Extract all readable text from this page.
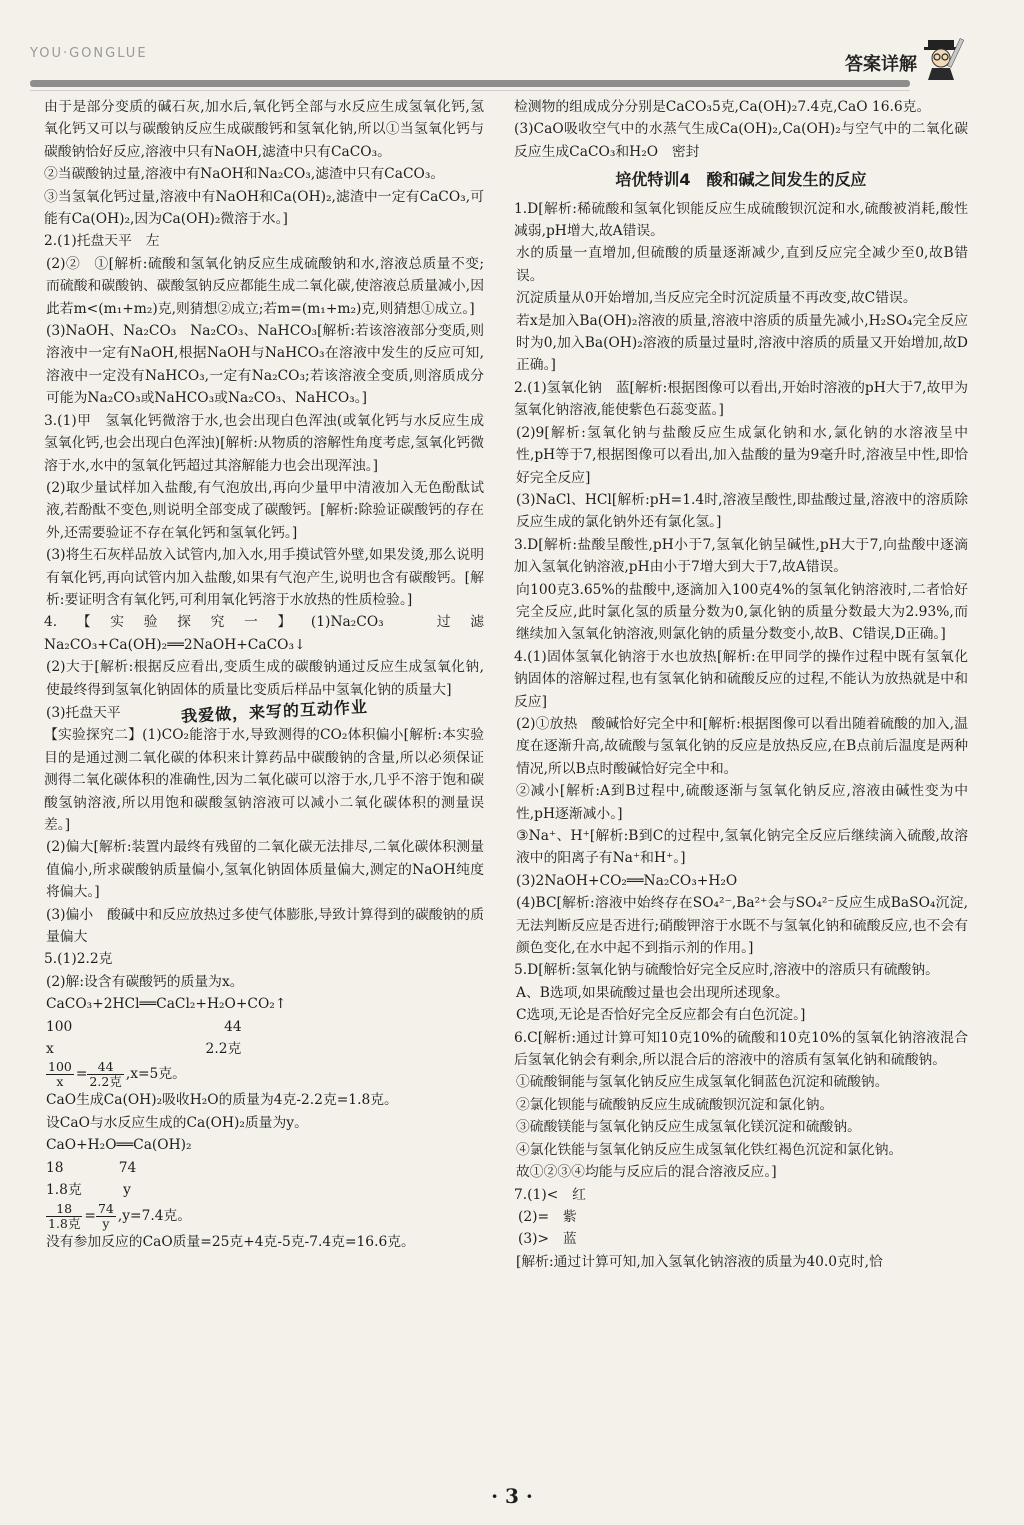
YOU·GONGLUE
答案详解

由于是部分变质的碱石灰,加水后,氧化钙全部与水反应生成氢氧化钙,氢氧化钙又可以与碳酸钠反应生成碳酸钙和氢氧化钠,所以①当氢氧化钙与碳酸钠恰好反应,溶液中只有NaOH,滤渣中只有CaCO₃。

②当碳酸钠过量,溶液中有NaOH和Na₂CO₃,滤渣中只有CaCO₃。

③当氢氧化钙过量,溶液中有NaOH和Ca(OH)₂,滤渣中一定有CaCO₃,可能有Ca(OH)₂,因为Ca(OH)₂微溶于水。]

2.(1)托盘天平　左

(2)②　①[解析:硫酸和氢氧化钠反应生成硫酸钠和水,溶液总质量不变;而硫酸和碳酸钠、碳酸氢钠反应都能生成二氧化碳,使溶液总质量减小,因此若m<(m₁+m₂)克,则猜想②成立;若m=(m₁+m₂)克,则猜想①成立。]

(3)NaOH、Na₂CO₃　Na₂CO₃、NaHCO₃[解析:若该溶液部分变质,则溶液中一定有NaOH,根据NaOH与NaHCO₃在溶液中发生的反应可知,溶液中一定没有NaHCO₃,一定有Na₂CO₃;若该溶液全变质,则溶质成分可能为Na₂CO₃或NaHCO₃或Na₂CO₃、NaHCO₃。]

3.(1)甲　氢氧化钙微溶于水,也会出现白色浑浊(或氧化钙与水反应生成氢氧化钙,也会出现白色浑浊)[解析:从物质的溶解性角度考虑,氢氧化钙微溶于水,水中的氢氧化钙超过其溶解能力也会出现浑浊。]

(2)取少量试样加入盐酸,有气泡放出,再向少量甲中清液加入无色酚酞试液,若酚酞不变色,则说明全部变成了碳酸钙。[解析:除验证碳酸钙的存在外,还需要验证不存在氧化钙和氢氧化钙。]

(3)将生石灰样品放入试管内,加入水,用手摸试管外壁,如果发烫,那么说明有氧化钙,再向试管内加入盐酸,如果有气泡产生,说明也含有碳酸钙。[解析:要证明含有氧化钙,可利用氧化钙溶于水放热的性质检验。]

4.【实验探究一】(1)Na₂CO₃　过滤　Na₂CO₃+Ca(OH)₂══2NaOH+CaCO₃↓

(2)大于[解析:根据反应看出,变质生成的碳酸钠通过反应生成氢氧化钠,使最终得到氢氧化钠固体的质量比变质后样品中氢氧化钠的质量大]

(3)托盘天平	我爱做，来写的互动作业

【实验探究二】(1)CO₂能溶于水,导致测得的CO₂体积偏小[解析:本实验目的是通过测二氧化碳的体积来计算药品中碳酸钠的含量,所以必须保证测得二氧化碳体积的准确性,因为二氧化碳可以溶于水,几乎不溶于饱和碳酸氢钠溶液,所以用饱和碳酸氢钠溶液可以减小二氧化碳体积的测量误差。]

(2)偏大[解析:装置内最终有残留的二氧化碳无法排尽,二氧化碳体积测量值偏小,所求碳酸钠质量偏小,氢氧化钠固体质量偏大,测定的NaOH纯度将偏大。]

(3)偏小　酸碱中和反应放热过多使气体膨胀,导致计算得到的碳酸钠的质量偏大

5.(1)2.2克

(2)解:设含有碳酸钙的质量为x。

CaCO₃+2HCl══CaCl₂+H₂O+CO₂↑

100　　　　　　　　　　　44

x　　　　　　　　　　　2.2克

$\frac{100}{x} = \frac{44}{\text{2.2克}} ,x=5$克。

CaO生成Ca(OH)₂吸收H₂O的质量为4克-2.2克=1.8克。

设CaO与水反应生成的Ca(OH)₂质量为y。

CaO+H₂O══Ca(OH)₂

18　　　　74

1.8克　　　y

$\frac{18}{\text{1.8克}} = \frac{74}{y} ,y=7.4$克。

没有参加反应的CaO质量=25克+4克-5克-7.4克=16.6克。

检测物的组成成分分别是CaCO₃5克,Ca(OH)₂7.4克,CaO 16.6克。

(3)CaO吸收空气中的水蒸气生成Ca(OH)₂,Ca(OH)₂与空气中的二氧化碳反应生成CaCO₃和H₂O　密封

培优特训4　酸和碱之间发生的反应

1.D[解析:稀硫酸和氢氧化钡能反应生成硫酸钡沉淀和水,硫酸被消耗,酸性减弱,pH增大,故A错误。

水的质量一直增加,但硫酸的质量逐渐减少,直到反应完全减少至0,故B错误。

沉淀质量从0开始增加,当反应完全时沉淀质量不再改变,故C错误。

若x是加入Ba(OH)₂溶液的质量,溶液中溶质的质量先减小,H₂SO₄完全反应时为0,加入Ba(OH)₂溶液的质量过量时,溶液中溶质的质量又开始增加,故D正确。]

2.(1)氢氧化钠　蓝[解析:根据图像可以看出,开始时溶液的pH大于7,故甲为氢氧化钠溶液,能使紫色石蕊变蓝。]

(2)9[解析:氢氧化钠与盐酸反应生成氯化钠和水,氯化钠的水溶液呈中性,pH等于7,根据图像可以看出,加入盐酸的量为9毫升时,溶液呈中性,即恰好完全反应]

(3)NaCl、HCl[解析:pH=1.4时,溶液呈酸性,即盐酸过量,溶液中的溶质除反应生成的氯化钠外还有氯化氢。]

3.D[解析:盐酸呈酸性,pH小于7,氢氧化钠呈碱性,pH大于7,向盐酸中逐滴加入氢氧化钠溶液,pH由小于7增大到大于7,故A错误。

向100克3.65%的盐酸中,逐滴加入100克4%的氢氧化钠溶液时,二者恰好完全反应,此时氯化氢的质量分数为0,氯化钠的质量分数最大为2.93%,而继续加入氢氧化钠溶液,则氯化钠的质量分数变小,故B、C错误,D正确。]

4.(1)固体氢氧化钠溶于水也放热[解析:在甲同学的操作过程中既有氢氧化钠固体的溶解过程,也有氢氧化钠和硫酸反应的过程,不能认为放热就是中和反应]

(2)①放热　酸碱恰好完全中和[解析:根据图像可以看出随着硫酸的加入,温度在逐渐升高,故硫酸与氢氧化钠的反应是放热反应,在B点前后温度是两种情况,所以B点时酸碱恰好完全中和。

②减小[解析:A到B过程中,硫酸逐渐与氢氧化钠反应,溶液由碱性变为中性,pH逐渐减小。]

③Na⁺、H⁺[解析:B到C的过程中,氢氧化钠完全反应后继续滴入硫酸,故溶液中的阳离子有Na⁺和H⁺。]

(3)2NaOH+CO₂══Na₂CO₃+H₂O

(4)BC[解析:溶液中始终存在SO₄²⁻,Ba²⁺会与SO₄²⁻反应生成BaSO₄沉淀,无法判断反应是否进行;硝酸钾溶于水既不与氢氧化钠和硫酸反应,也不会有颜色变化,在水中起不到指示剂的作用。]

5.D[解析:氢氧化钠与硫酸恰好完全反应时,溶液中的溶质只有硫酸钠。

A、B选项,如果硫酸过量也会出现所述现象。

C选项,无论是否恰好完全反应都会有白色沉淀。]

6.C[解析:通过计算可知10克10%的硫酸和10克10%的氢氧化钠溶液混合后氢氧化钠会有剩余,所以混合后的溶液中的溶质有氢氧化钠和硫酸钠。

①硫酸铜能与氢氧化钠反应生成氢氧化铜蓝色沉淀和硫酸钠。

②氯化钡能与硫酸钠反应生成硫酸钡沉淀和氯化钠。

③硫酸镁能与氢氧化钠反应生成氢氧化镁沉淀和硫酸钠。

④氯化铁能与氢氧化钠反应生成氢氧化铁红褐色沉淀和氯化钠。

故①②③④均能与反应后的混合溶液反应。]

7.(1)<　红

(2)=　紫

(3)>　蓝

[解析:通过计算可知,加入氢氧化钠溶液的质量为40.0克时,恰

· 3 ·
